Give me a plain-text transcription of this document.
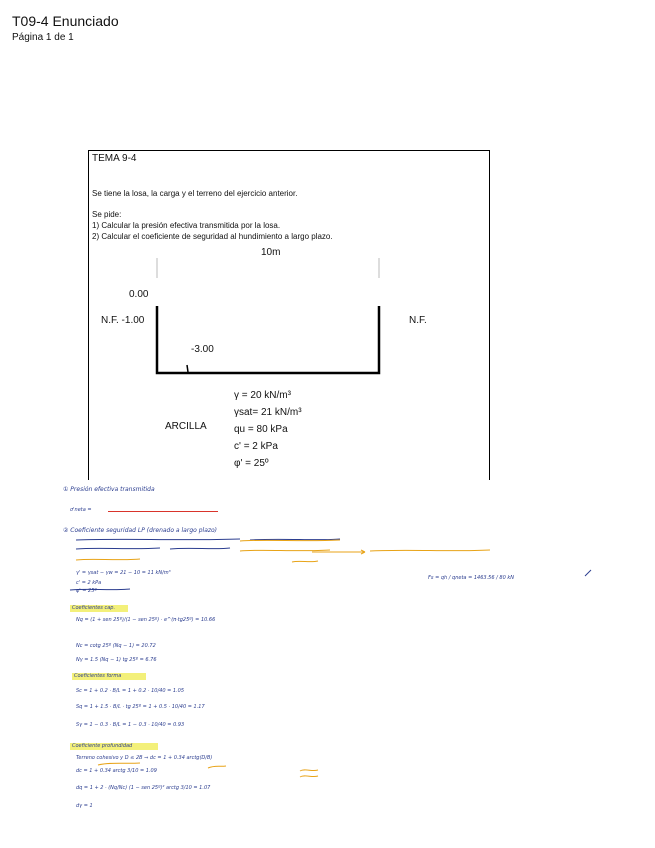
T09-4 Enunciado
Página 1 de 1
TEMA 9-4
Se tiene la losa, la carga y el terreno del ejercicio anterior.
Se pide:
1) Calcular la presión efectiva transmitida por la losa.
2) Calcular el coeficiente de seguridad al hundimiento a largo plazo.
10m
0.00
N.F. -1.00	N.F.
-3.00
ARCILLA
γ = 20 kN/m³
γsat= 21 kN/m³
qu = 80 kPa
c' = 2 kPa
φ' = 25º
① Presión efectiva transmitida
σ'neta =
② Coeficiente seguridad LP (drenado a largo plazo)
γ' = γsat − γw = 21 − 10 = 11 kN/m³
c' = 2 kPa
φ' = 25º
Fs = qh / qneta = 1463.56 / 80 kN
Coeficientes cap.
Nq = (1 + sen 25º)/(1 − sen 25º) · e^(π·tg25º) = 10.66
Nc = cotg 25º (Nq − 1) = 20.72
Nγ = 1.5 (Nq − 1) tg 25º = 6.76
Coeficientes forma
Sc = 1 + 0.2 · B/L = 1 + 0.2 · 10/40 = 1.05
Sq = 1 + 1.5 · B/L · tg 25º = 1 + 0.5 · 10/40 = 1.17
Sγ = 1 − 0.3 · B/L = 1 − 0.3 · 10/40 = 0.93
Coeficiente profundidad
Terreno cohesivo y D ≤ 2B ⇒ dc = 1 + 0.34 arctg(D/B)
dc = 1 + 0.34 arctg 3/10 = 1.09
dq = 1 + 2 · (Nq/Nc) (1 − sen 25º)² arctg 3/10 = 1.07
dγ = 1
